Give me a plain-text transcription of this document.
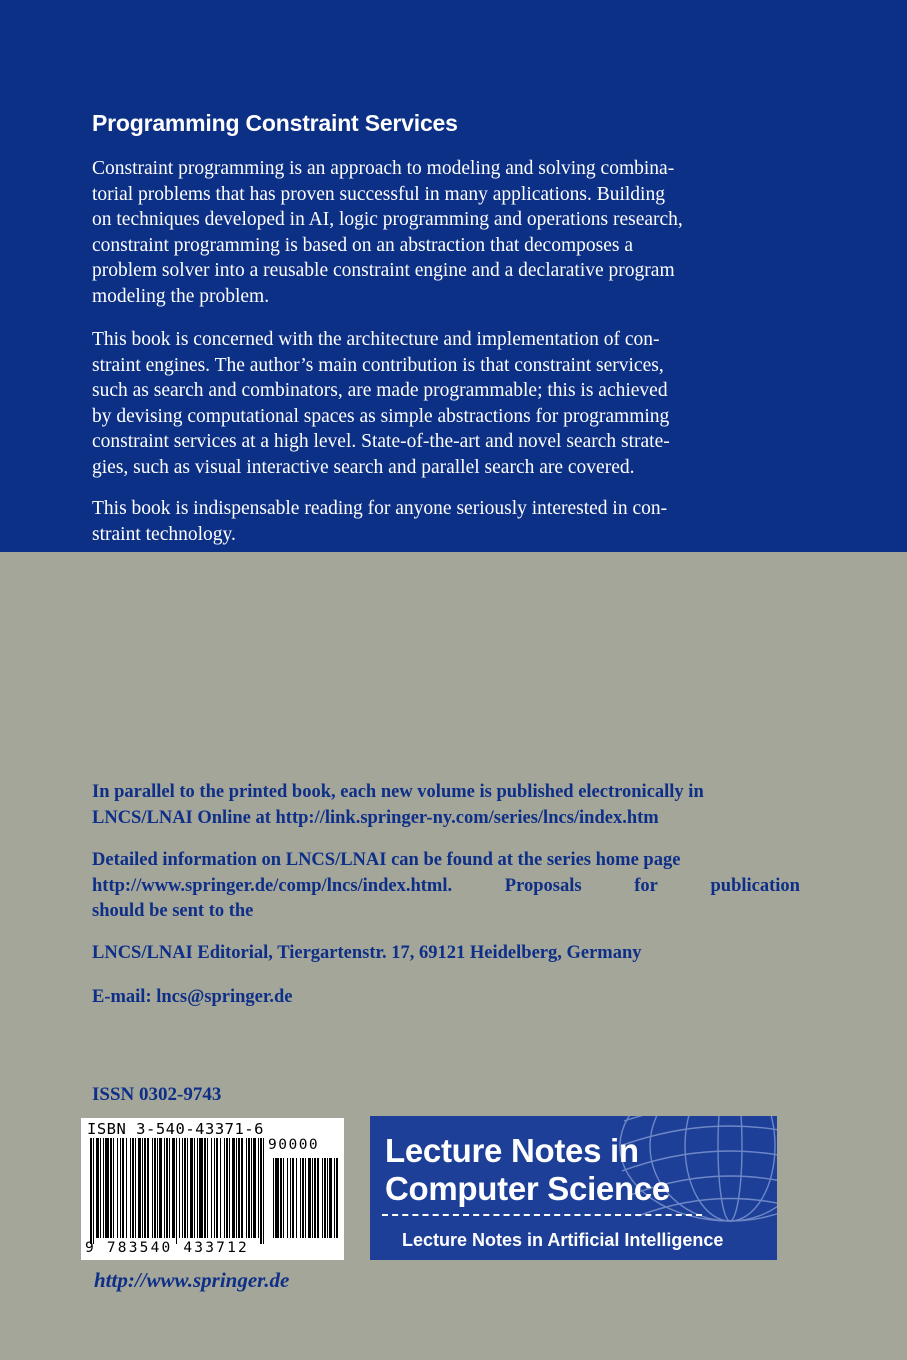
Programming Constraint Services
Constraint programming is an approach to modeling and solving combina-
torial problems that has proven successful in many applications. Building
on techniques developed in AI, logic programming and operations research,
constraint programming is based on an abstraction that decomposes a
problem solver into a reusable constraint engine and a declarative program
modeling the problem.
This book is concerned with the architecture and implementation of con-
straint engines. The author’s main contribution is that constraint services,
such as search and combinators, are made programmable; this is achieved
by devising computational spaces as simple abstractions for programming
constraint services at a high level. State-of-the-art and novel search strate-
gies, such as visual interactive search and parallel search are covered.
This book is indispensable reading for anyone seriously interested in con-
straint technology.
In parallel to the printed book, each new volume is published electronically in
LNCS/LNAI Online at http://link.springer-ny.com/series/lncs/index.htm
Detailed information on LNCS/LNAI can be found at the series home page
http://www.springer.de/comp/lncs/index.html.	Proposals	for	publication
should be sent to the
LNCS/LNAI Editorial, Tiergartenstr. 17, 69121 Heidelberg, Germany
E-mail: lncs@springer.de
ISSN 0302-9743
ISBN 3-540-43371-6
90000
9 783540 433712
Lecture Notes in
Computer Science
Lecture Notes in Artificial Intelligence
http://www.springer.de
